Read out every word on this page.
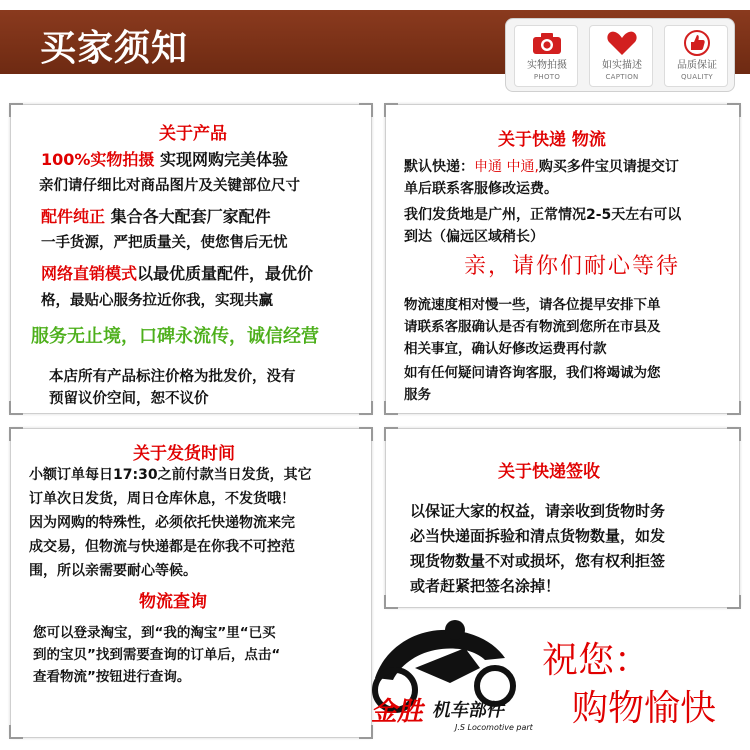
买家须知	实物拍摄
PHOTO
如实描述
CAPTION
品质保证
QUALITY
关于产品
100%实物拍摄 实现网购完美体验
亲们请仔细比对商品图片及关键部位尺寸
配件纯正 集合各大配套厂家配件
一手货源，严把质量关，使您售后无忧
网络直销模式以最优质量配件，最优价
格，最贴心服务拉近你我，实现共赢
服务无止境，口碑永流传，诚信经营
本店所有产品标注价格为批发价，没有
预留议价空间，恕不议价
关于快递 物流
默认快递：申通 中通,购买多件宝贝请提交订
单后联系客服修改运费。
我们发货地是广州，正常情况2-5天左右可以
到达（偏远区域稍长）
亲，请你们耐心等待
物流速度相对慢一些，请各位提早安排下单
请联系客服确认是否有物流到您所在市县及
相关事宜，确认好修改运费再付款
如有任何疑问请咨询客服，我们将竭诚为您
服务
关于发货时间
小额订单每日17:30之前付款当日发货，其它
订单次日发货，周日仓库休息，不发货哦！
因为网购的特殊性，必须依托快递物流来完
成交易，但物流与快递都是在你我不可控范
围，所以亲需要耐心等候。
物流查询
您可以登录淘宝，到“我的淘宝”里“已买
到的宝贝”找到需要查询的订单后，点击“
查看物流”按钮进行查询。
关于快递签收
以保证大家的权益，请亲收到货物时务
必当快递面拆验和清点货物数量，如发
现货物数量不对或损坏，您有权利拒签
或者赶紧把签名涂掉！
金胜 机车部件
J.S Locomotive part
祝您：
购物愉快
